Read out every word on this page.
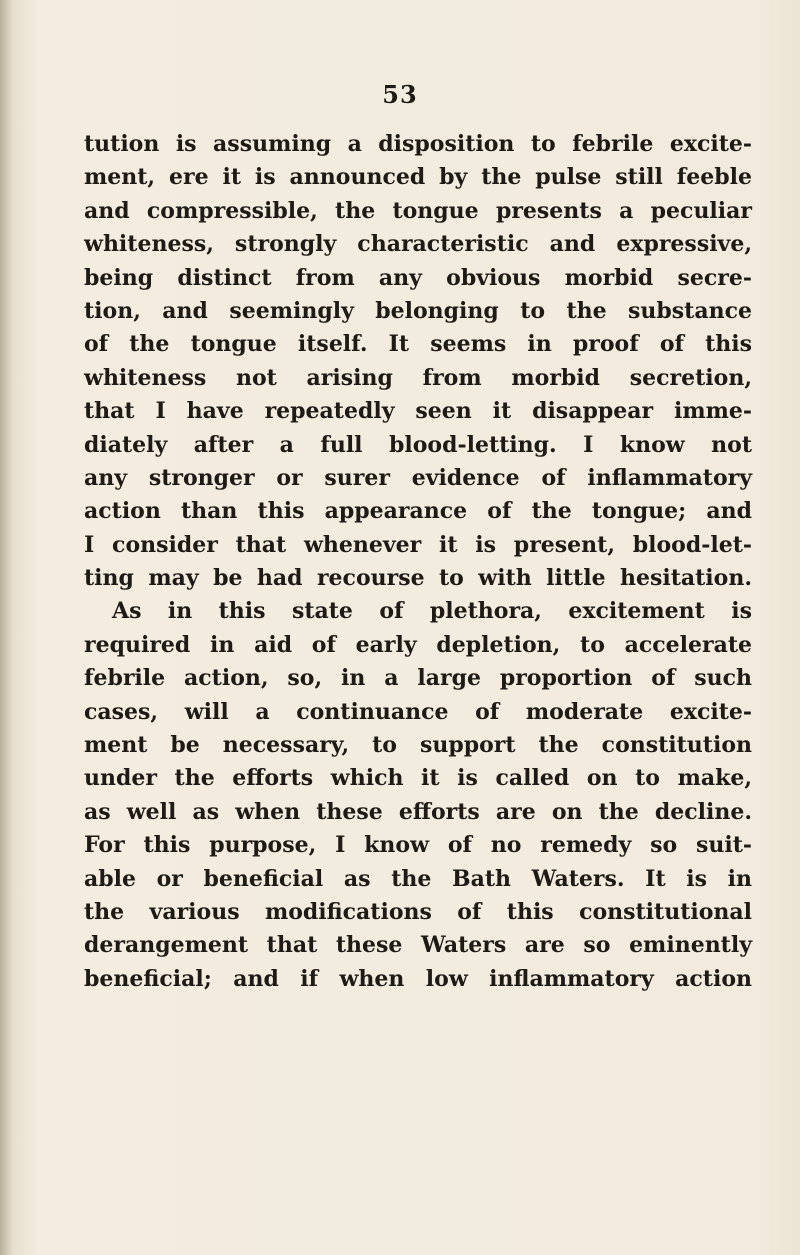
53
tution is assuming a disposition to febrile excite-
ment, ere it is announced by the pulse still feeble
and compressible, the tongue presents a peculiar
whiteness, strongly characteristic and expressive,
being distinct from any obvious morbid secre-
tion, and seemingly belonging to the substance
of the tongue itself. It seems in proof of this
whiteness not arising from morbid secretion,
that I have repeatedly seen it disappear imme-
diately after a full blood-letting. I know not
any stronger or surer evidence of inflammatory
action than this appearance of the tongue; and
I consider that whenever it is present, blood-let-
ting may be had recourse to with little hesitation.
As in this state of plethora, excitement is
required in aid of early depletion, to accelerate
febrile action, so, in a large proportion of such
cases, will a continuance of moderate excite-
ment be necessary, to support the constitution
under the efforts which it is called on to make,
as well as when these efforts are on the decline.
For this purpose, I know of no remedy so suit-
able or beneficial as the Bath Waters. It is in
the various modifications of this constitutional
derangement that these Waters are so eminently
beneficial; and if when low inflammatory action
